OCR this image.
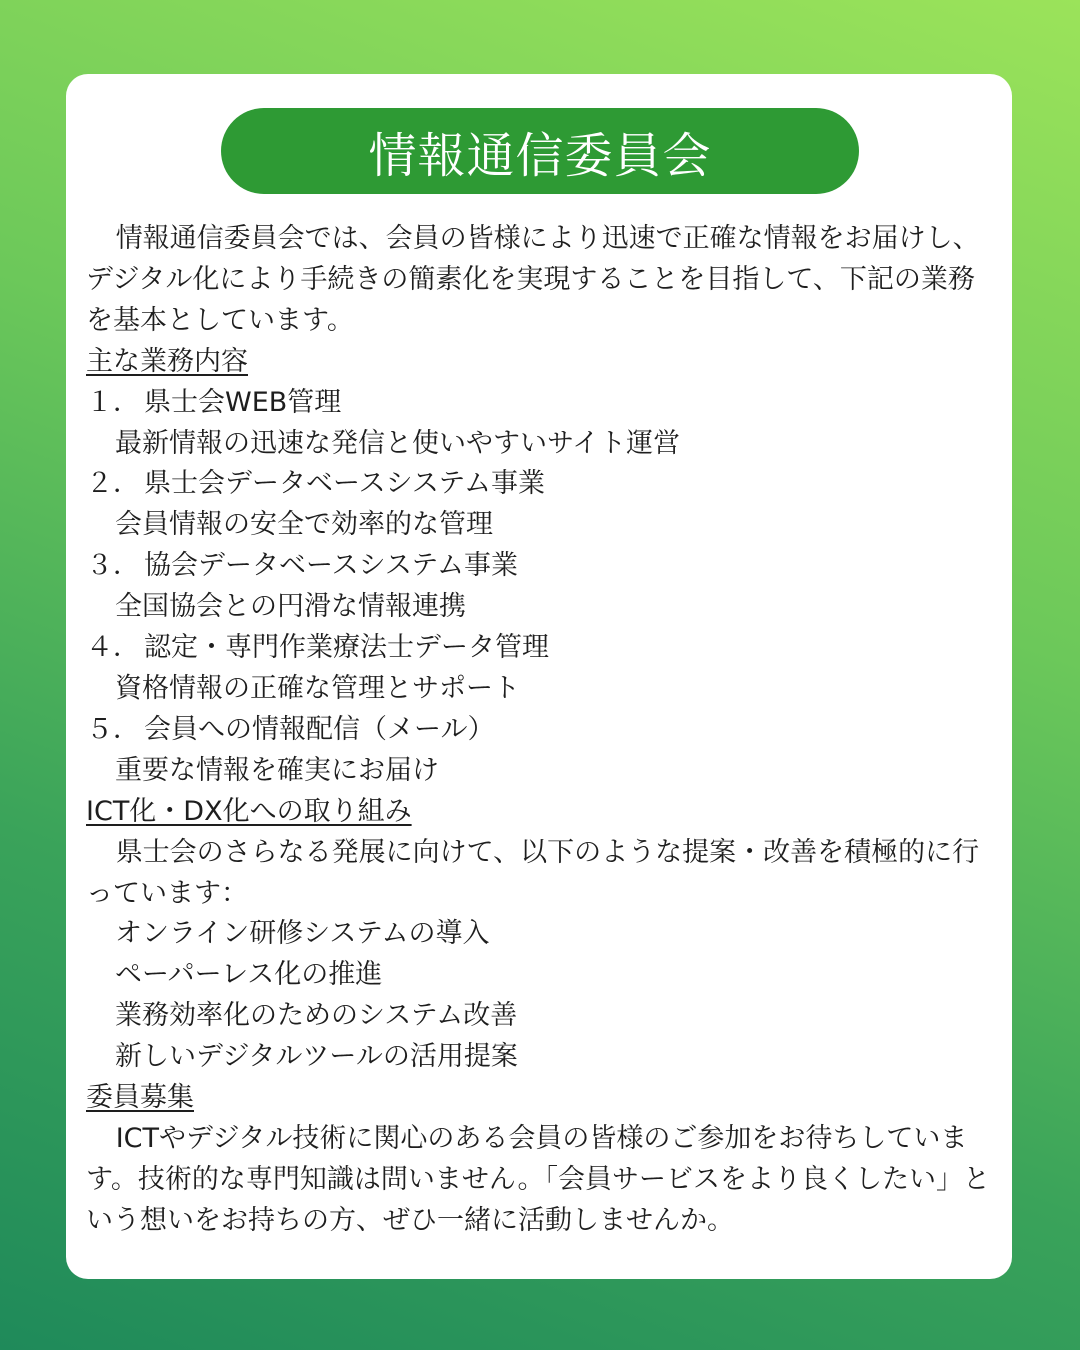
情報通信委員会

情報通信委員会では、会員の皆様により迅速で正確な情報をお届けし、デジタル化により手続きの簡素化を実現することを目指して、下記の業務を基本としています。

主な業務内容

１． 県士会WEB管理

最新情報の迅速な発信と使いやすいサイト運営

２． 県士会データベースシステム事業

会員情報の安全で効率的な管理

３． 協会データベースシステム事業

全国協会との円滑な情報連携

４． 認定・専門作業療法士データ管理

資格情報の正確な管理とサポート

５． 会員への情報配信（メール）

重要な情報を確実にお届け

ICT化・DX化への取り組み

県士会のさらなる発展に向けて、以下のような提案・改善を積極的に行っています：

オンライン研修システムの導入

ペーパーレス化の推進

業務効率化のためのシステム改善

新しいデジタルツールの活用提案

委員募集

ICTやデジタル技術に関心のある会員の皆様のご参加をお待ちしています。技術的な専門知識は問いません。「会員サービスをより良くしたい」という想いをお持ちの方、ぜひ一緒に活動しませんか。
